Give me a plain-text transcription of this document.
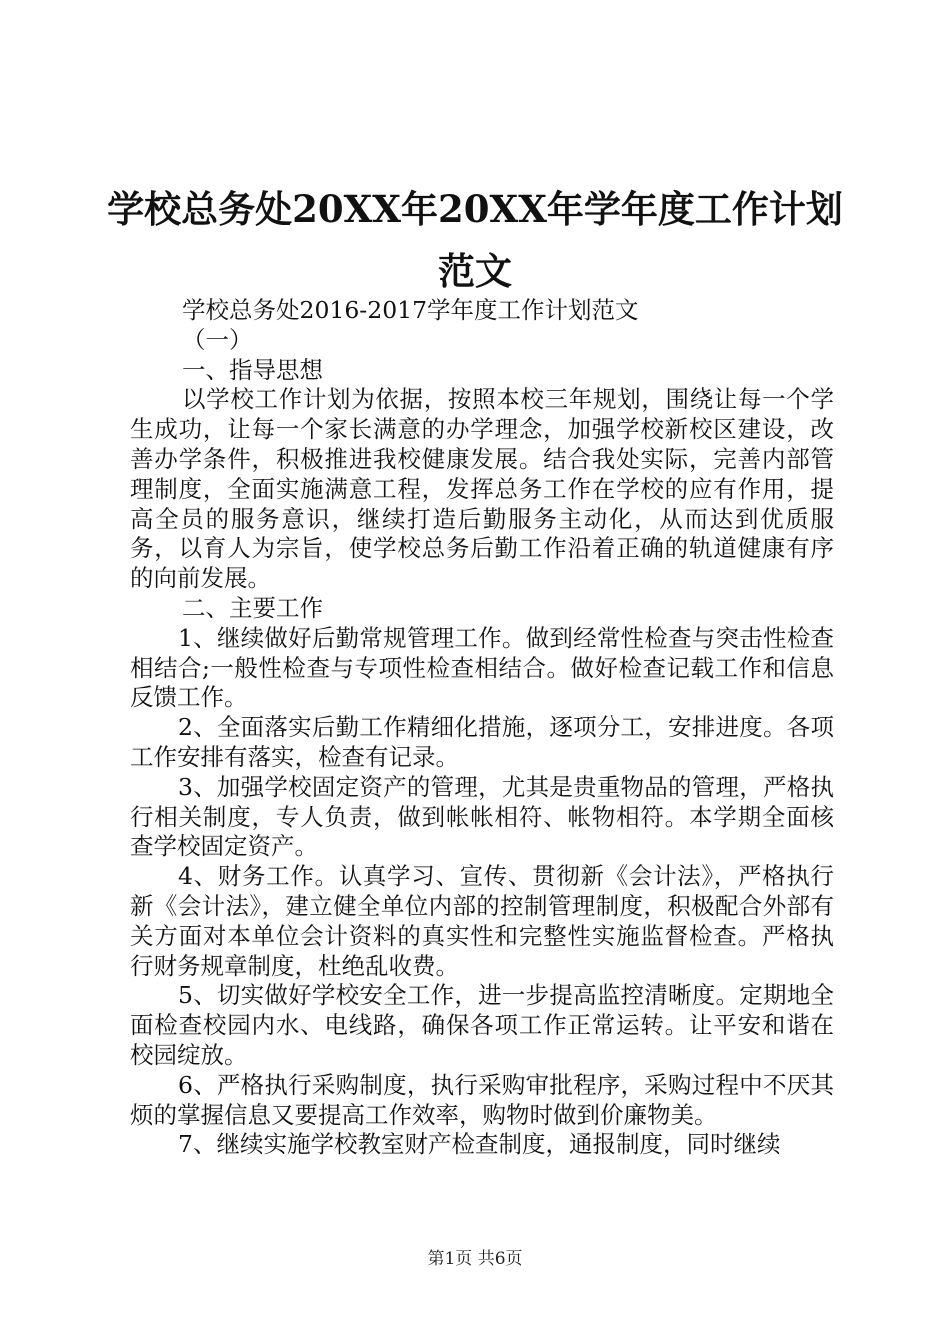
学校总务处20XX年20XX年学年度工作计划范文

学校总务处2016-2017学年度工作计划范文

（一）

一、指导思想

以学校工作计划为依据，按照本校三年规划，围绕让每一个学生成功，让每一个家长满意的办学理念，加强学校新校区建设，改善办学条件，积极推进我校健康发展。结合我处实际，完善内部管理制度，全面实施满意工程，发挥总务工作在学校的应有作用，提高全员的服务意识，继续打造后勤服务主动化，从而达到优质服务，以育人为宗旨，使学校总务后勤工作沿着正确的轨道健康有序的向前发展。

二、主要工作

1、继续做好后勤常规管理工作。做到经常性检查与突击性检查相结合;一般性检查与专项性检查相结合。做好检查记载工作和信息反馈工作。

2、全面落实后勤工作精细化措施，逐项分工，安排进度。各项工作安排有落实，检查有记录。

3、加强学校固定资产的管理，尤其是贵重物品的管理，严格执行相关制度，专人负责，做到帐帐相符、帐物相符。本学期全面核查学校固定资产。

4、财务工作。认真学习、宣传、贯彻新《会计法》，严格执行新《会计法》，建立健全单位内部的控制管理制度，积极配合外部有关方面对本单位会计资料的真实性和完整性实施监督检查。严格执行财务规章制度，杜绝乱收费。

5、切实做好学校安全工作，进一步提高监控清晰度。定期地全面检查校园内水、电线路，确保各项工作正常运转。让平安和谐在校园绽放。

6、严格执行采购制度，执行采购审批程序，采购过程中不厌其烦的掌握信息又要提高工作效率，购物时做到价廉物美。

7、继续实施学校教室财产检查制度，通报制度，同时继续

第1页 共6页
